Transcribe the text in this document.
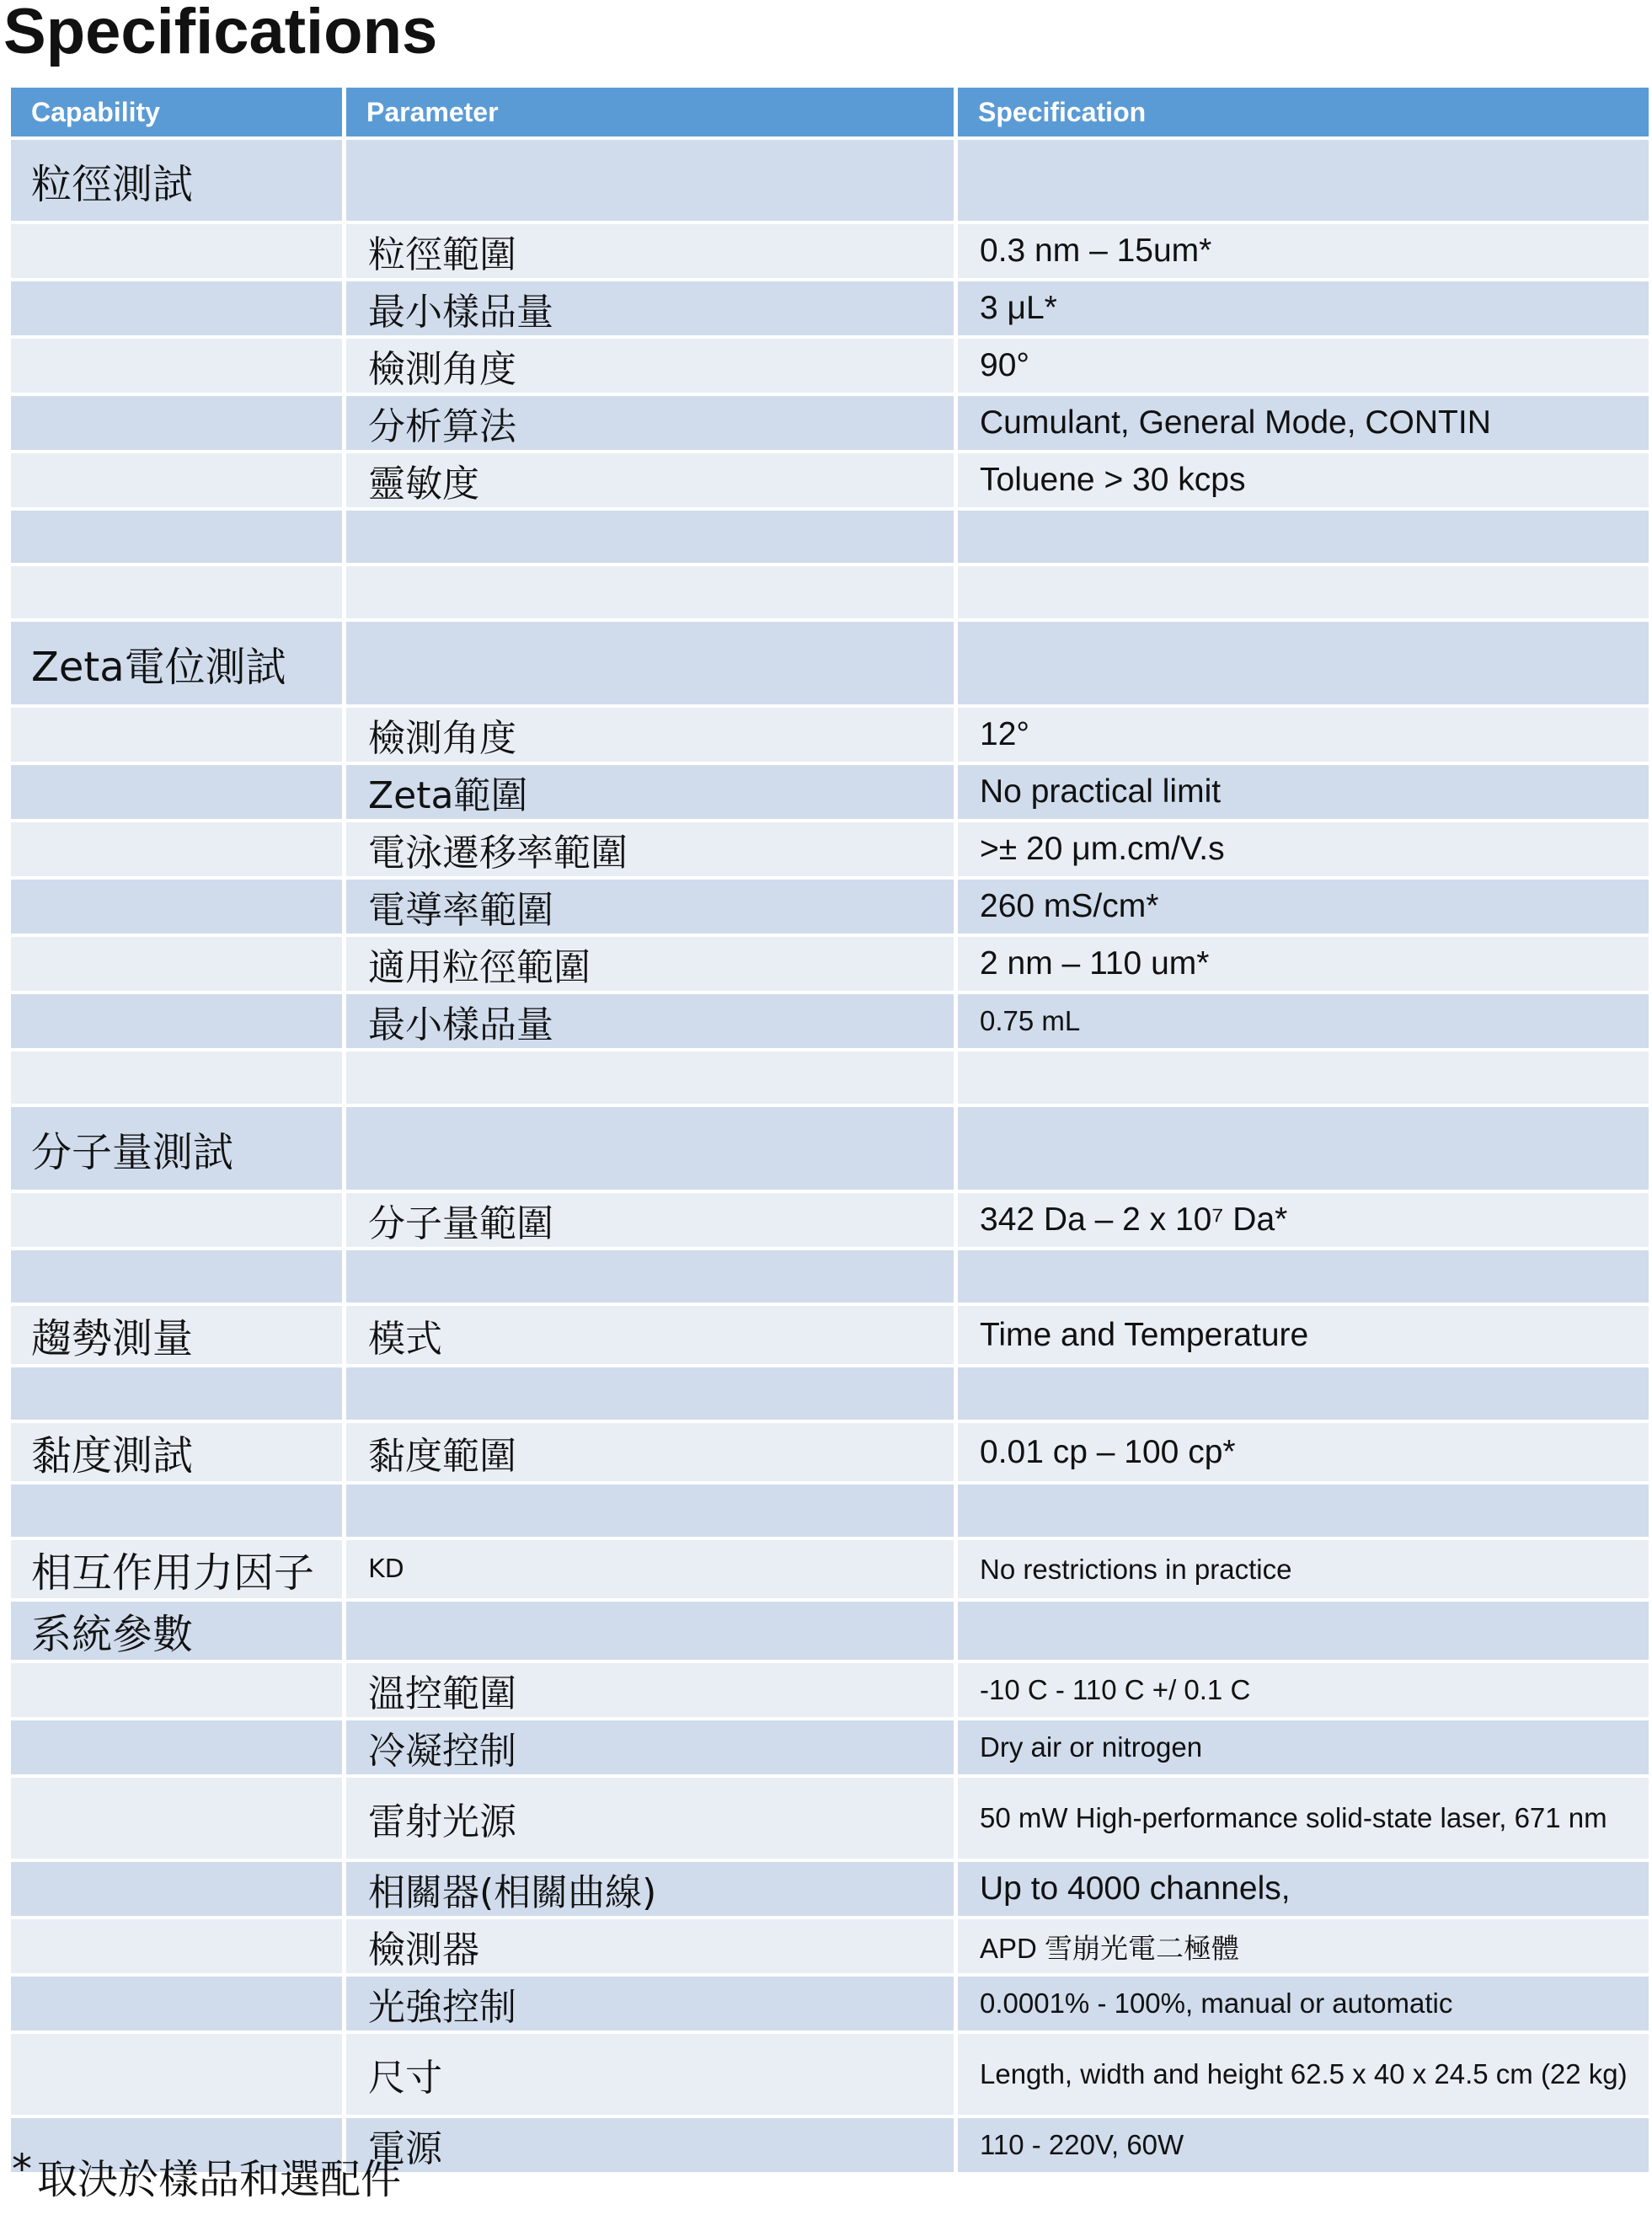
Specifications
Capability	Parameter	Specification

粒徑測試		

	粒徑範圍	0.3 nm – 15um*

	最小樣品量	3 μL*

	檢測角度	90°

	分析算法	Cumulant, General Mode, CONTIN

	靈敏度	Toluene > 30 kcps

Zeta電位測試		

	檢測角度	12°

	Zeta範圍	No practical limit

	電泳遷移率範圍	>± 20 μm.cm/V.s

	電導率範圍	260 mS/cm*

	適用粒徑範圍	2 nm – 110 um*

	最小樣品量	0.75 mL

分子量測試		

	分子量範圍	342 Da – 2 x 10⁷ Da*

趨勢測量	模式	Time and Temperature

黏度測試	黏度範圍	0.01 cp – 100 cp*

相互作用力因子	KD	No restrictions in practice

系統參數		

	溫控範圍	-10 C - 110 C +/ 0.1 C

	冷凝控制	Dry air or nitrogen

	雷射光源	50 mW High-performance solid-state laser, 671 nm

	相關器(相關曲線)	Up to 4000 channels,

	檢測器	APD 雪崩光電二極體

	光強控制	0.0001% - 100%, manual or automatic

	尺寸	Length, width and height 62.5 x 40 x 24.5 cm (22 kg)

	電源	110 - 220V, 60W

* 取決於樣品和選配件
